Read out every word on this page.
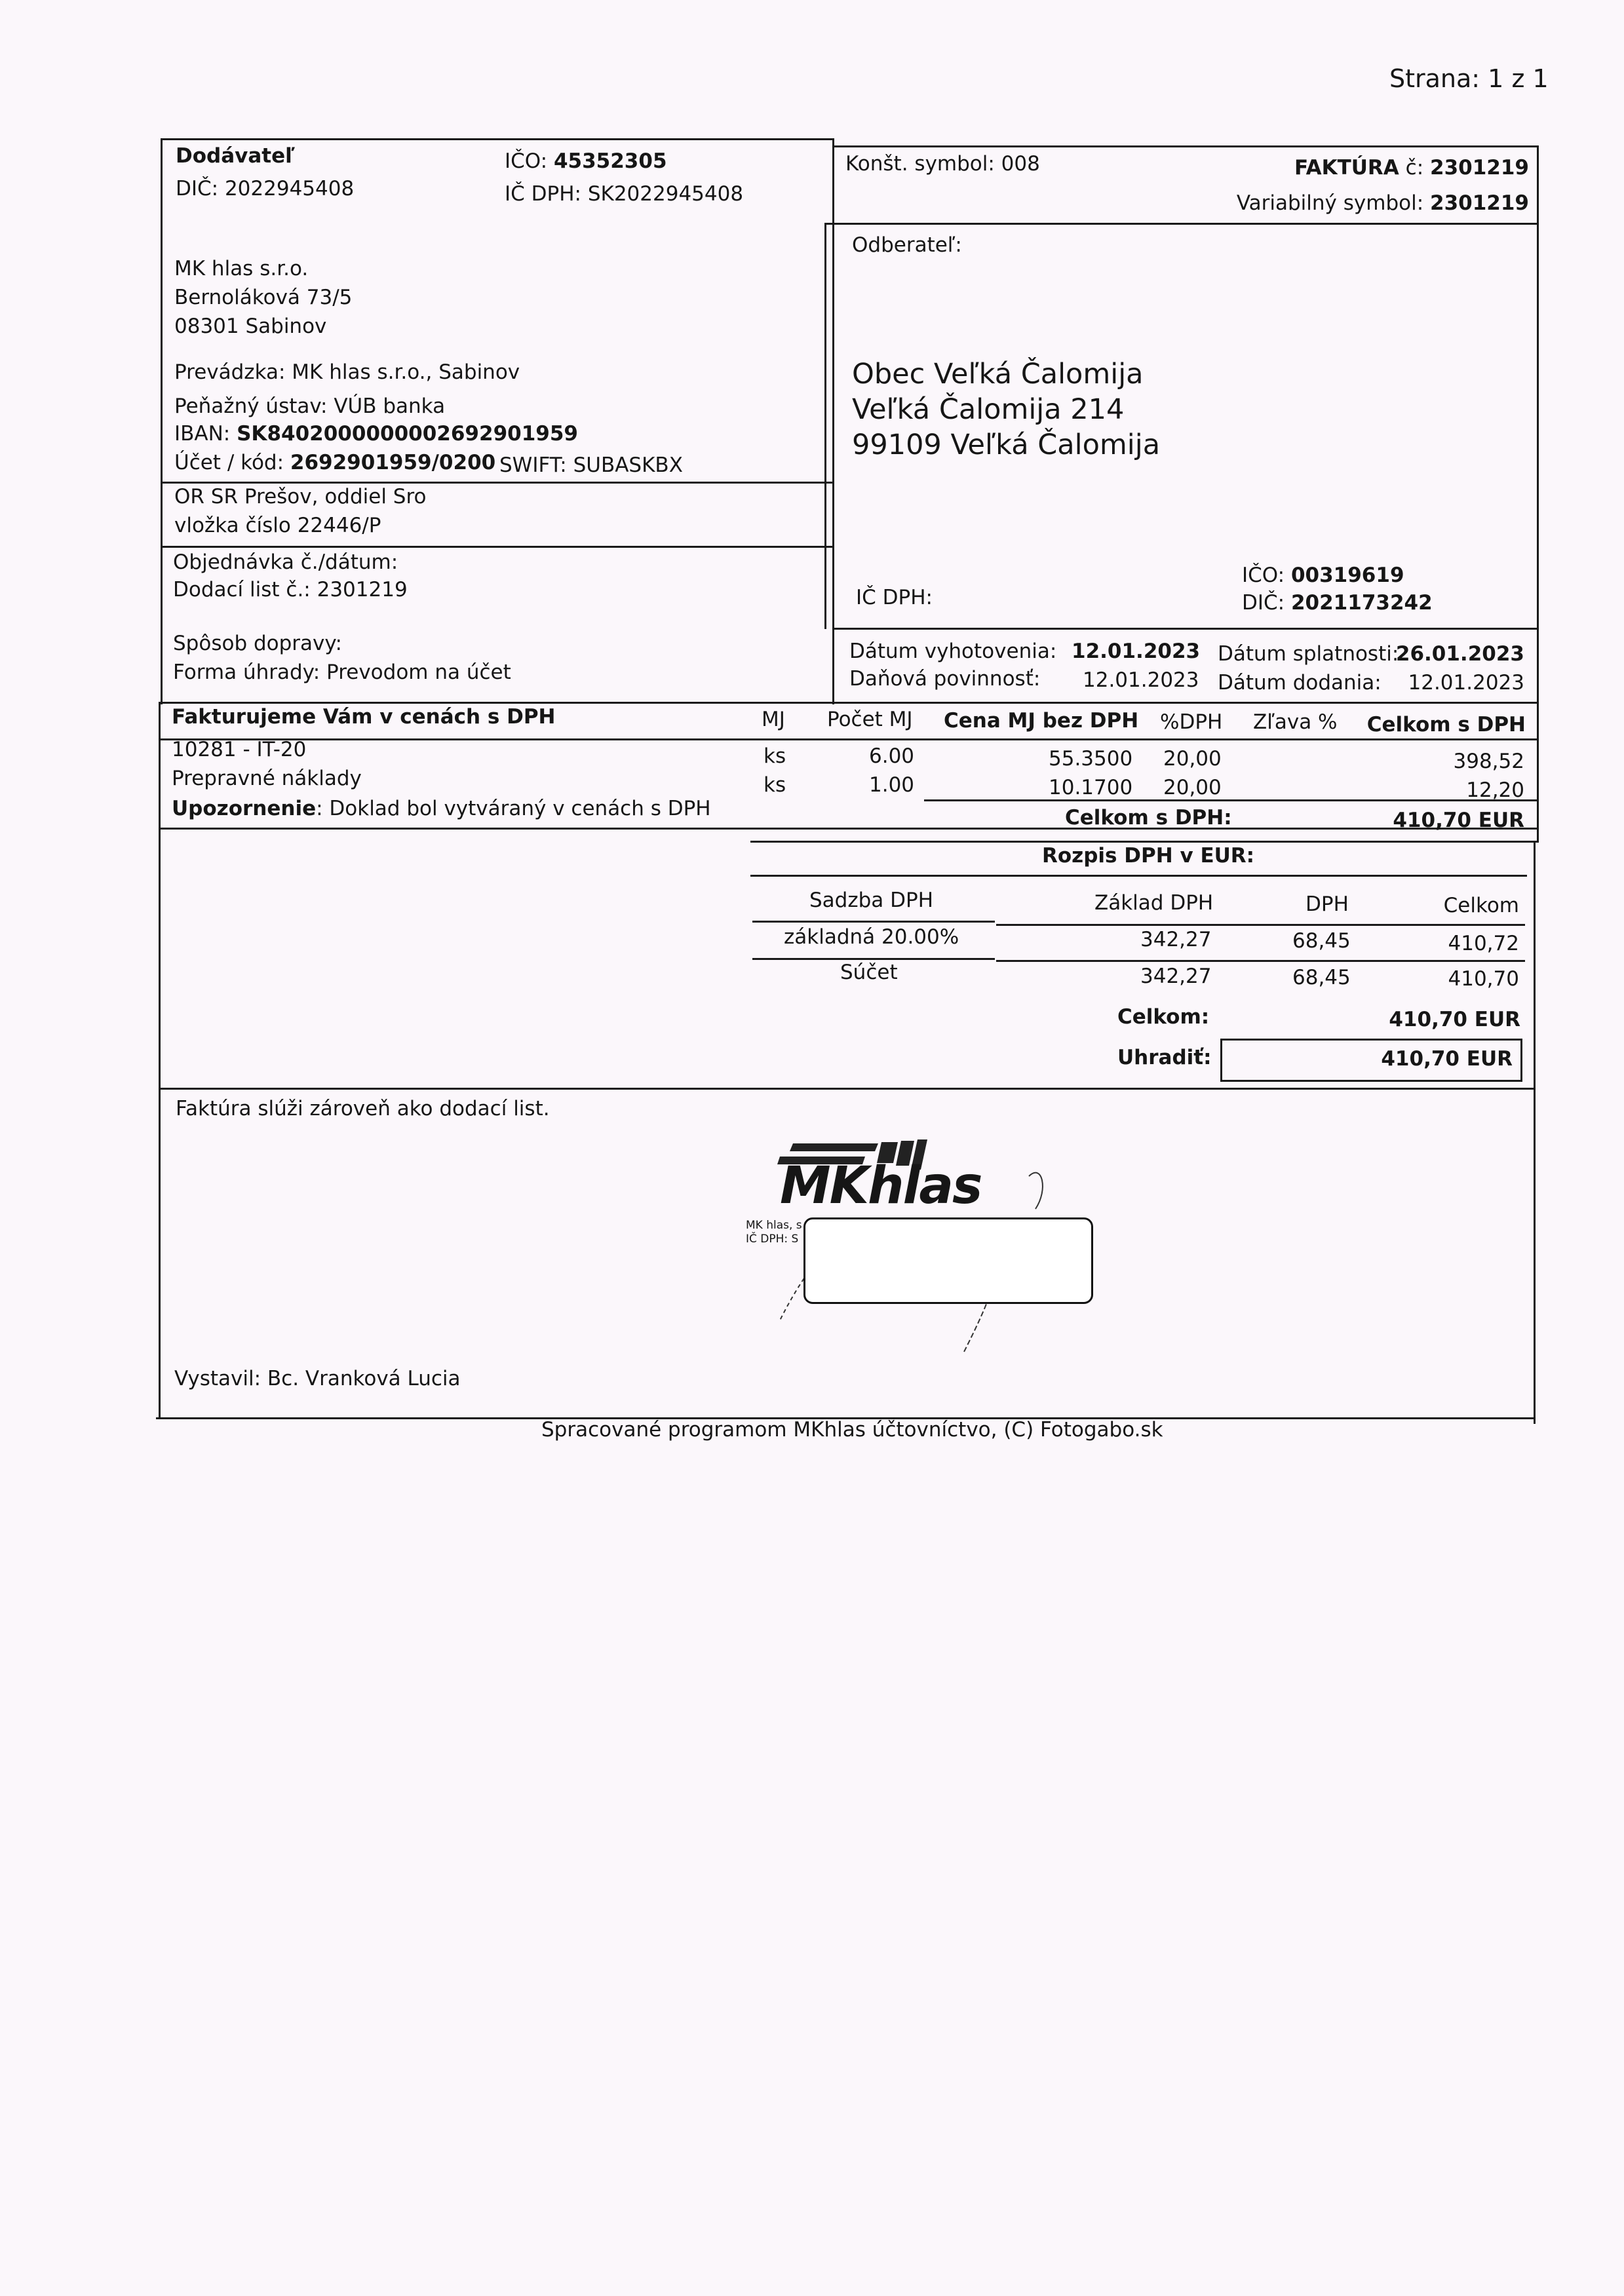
Strana: 1 z 1
Dodávateľ
DIČ: 2022945408
IČO: 45352305
IČ DPH: SK2022945408
MK hlas s.r.o.
Bernoláková 73/5
08301 Sabinov
Prevádzka: MK hlas s.r.o., Sabinov
Peňažný ústav: VÚB banka
IBAN: SK8402000000002692901959
Účet / kód: 2692901959/0200 SWIFT: SUBASKBX
OR SR Prešov, oddiel Sro
vložka číslo 22446/P
Objednávka č./dátum:
Dodací list č.: 2301219
Spôsob dopravy:
Forma úhrady: Prevodom na účet
Konšt. symbol: 008	FAKTÚRA č: 2301219
Variabilný symbol: 2301219
Odberateľ:
Obec Veľká Čalomija
Veľká Čalomija 214
99109 Veľká Čalomija
IČ DPH:
IČO: 00319619
DIČ: 2021173242
Dátum vyhotovenia: 12.01.2023 Dátum splatnosti:
26.01.2023
Daňová povinnosť: 12.01.2023 Dátum dodania: 12.01.2023
Fakturujeme Vám v cenách s DPH	MJ Počet MJ Cena MJ bez DPH %DPH Zľava % Celkom s DPH
10281 - IT-20	ks	6.00	55.3500 20,00	398,52
Prepravné náklady	ks	1.00	10.1700 20,00	12,20
Upozornenie: Doklad bol vytváraný v cenách s DPH	Celkom s DPH:	410,70 EUR
Rozpis DPH v EUR:
Sadzba DPH	Základ DPH	DPH	Celkom
základná 20.00%	342,27	68,45	410,72
Súčet	342,27	68,45	410,70
Celkom:	410,70 EUR
Uhradiť:	410,70 EUR
Faktúra slúži zároveň ako dodací list.
MKhlas
MK hlas, s
IČ DPH: S
Vystavil: Bc. Vranková Lucia
Spracované programom MKhlas účtovníctvo, (C) Fotogabo.sk
